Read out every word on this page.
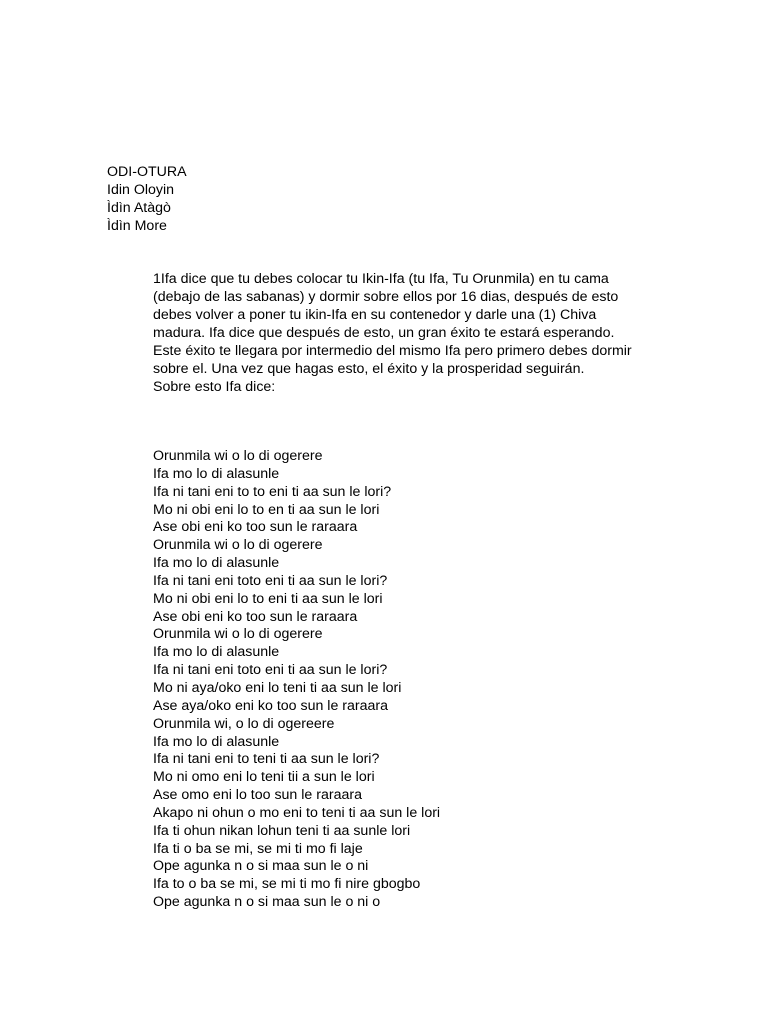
ODI-OTURA
Idin Oloyin
Ìdìn Atàgò
Ìdìn More
1Ifa dice que tu debes colocar tu Ikin-Ifa (tu Ifa, Tu Orunmila) en tu cama
(debajo de las sabanas) y dormir sobre ellos por 16 dias, después de esto
debes volver a poner tu ikin-Ifa en su contenedor y darle una (1) Chiva
madura. Ifa dice que después de esto, un gran éxito te estará esperando.
Este éxito te llegara por intermedio del mismo Ifa pero primero debes dormir
sobre el. Una vez que hagas esto, el éxito y la prosperidad seguirán.
Sobre esto Ifa dice:
Orunmila wi o lo di ogerere
Ifa mo lo di alasunle
Ifa ni tani eni to to eni ti aa sun le lori?
Mo ni obi eni lo to en ti aa sun le lori
Ase obi eni ko too sun le raraara
Orunmila wi o lo di ogerere
Ifa mo lo di alasunle
Ifa ni tani eni toto eni ti aa sun le lori?
Mo ni obi eni lo to eni ti aa sun le lori
Ase obi eni ko too sun le raraara
Orunmila wi o lo di ogerere
Ifa mo lo di alasunle
Ifa ni tani eni toto eni ti aa sun le lori?
Mo ni aya/oko eni lo teni ti aa sun le lori
Ase aya/oko eni ko too sun le raraara
Orunmila wi, o lo di ogereere
Ifa mo lo di alasunle
Ifa ni tani eni to teni ti aa sun le lori?
Mo ni omo eni lo teni tii a sun le lori
Ase omo eni lo too sun le raraara
Akapo ni ohun o mo eni to teni ti aa sun le lori
Ifa ti ohun nikan lohun teni ti aa sunle lori
Ifa ti o ba se mi, se mi ti mo fi laje
Ope agunka n o si maa sun le o ni
Ifa to o ba se mi, se mi ti mo fi nire gbogbo
Ope agunka n o si maa sun le o ni o
